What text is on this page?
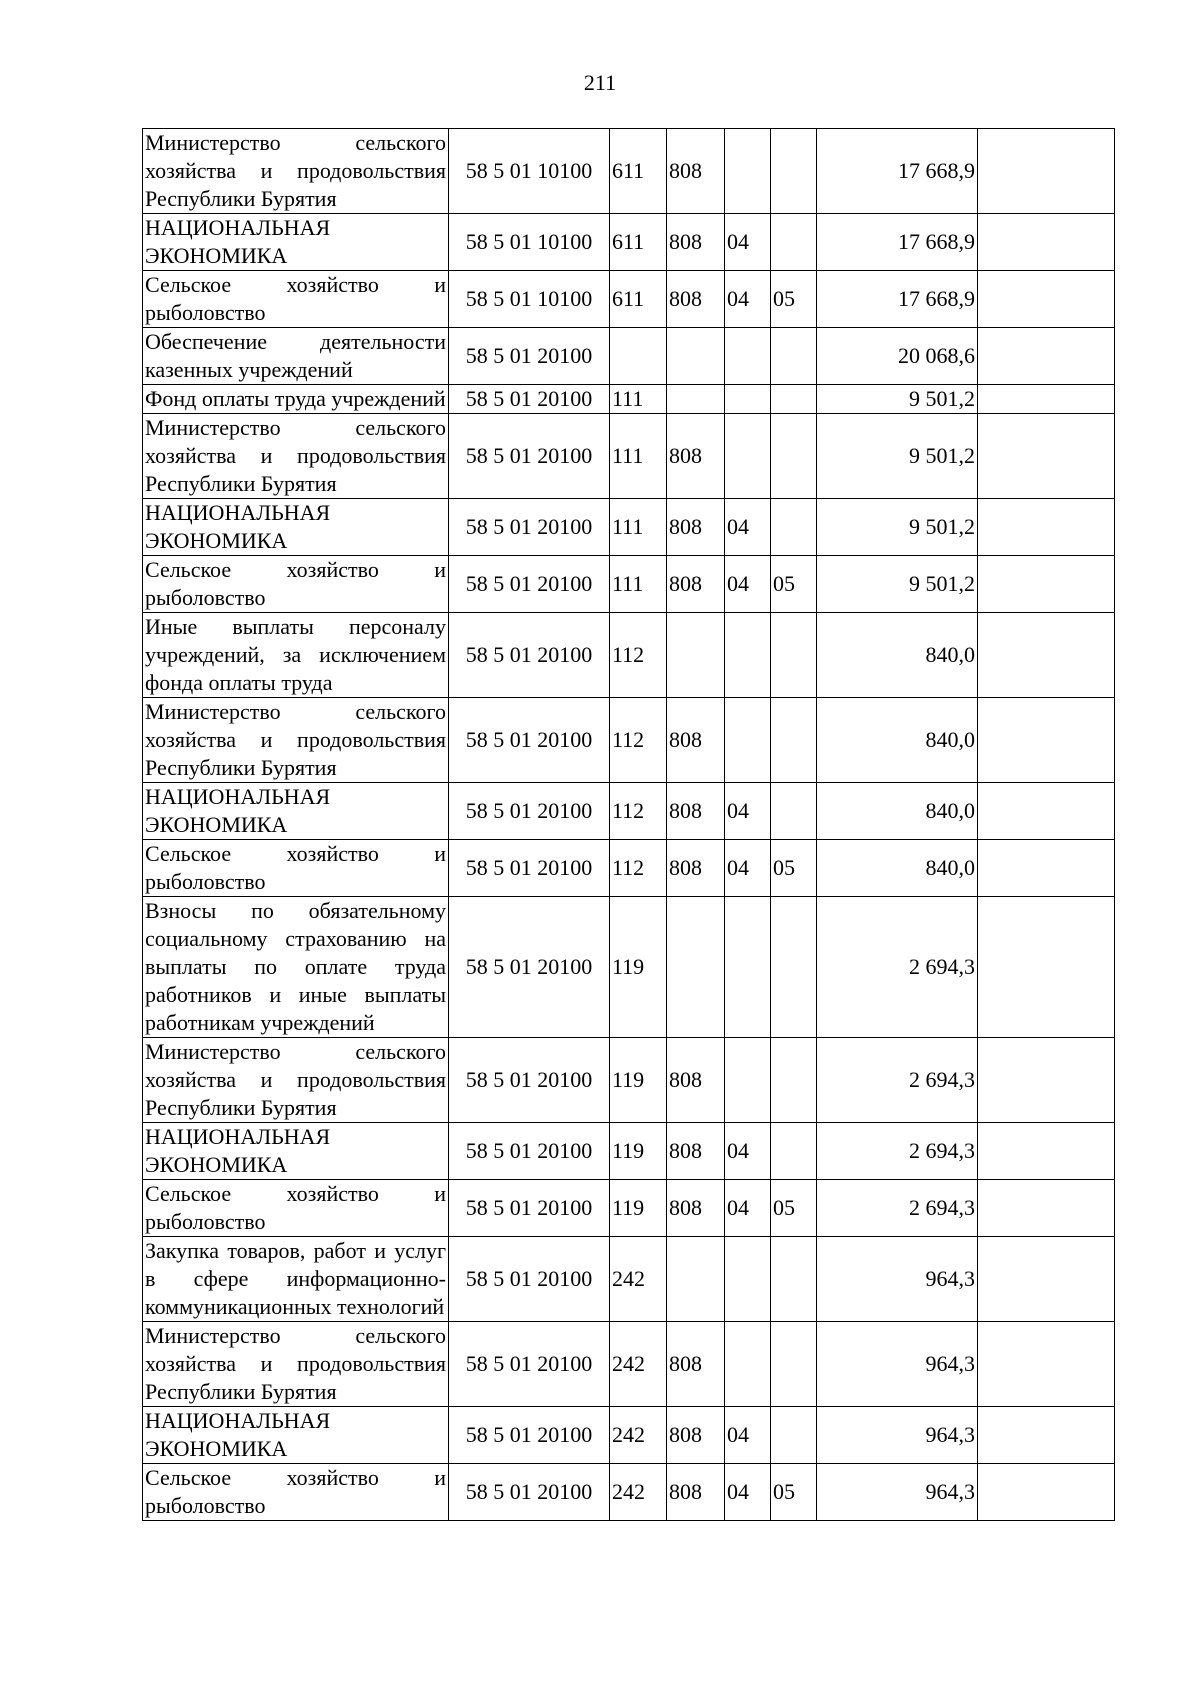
211
Министерство сельского хозяйства и продовольствия Республики Бурятия	58 5 01 10100	611	808			17 668,9	
НАЦИОНАЛЬНАЯ ЭКОНОМИКА	58 5 01 10100	611	808	04		17 668,9	
Сельское хозяйство и рыболовство	58 5 01 10100	611	808	04	05	17 668,9	
Обеспечение деятельности казенных учреждений	58 5 01 20100					20 068,6	
Фонд оплаты труда учреждений	58 5 01 20100	111				9 501,2	
Министерство сельского хозяйства и продовольствия Республики Бурятия	58 5 01 20100	111	808			9 501,2	
НАЦИОНАЛЬНАЯ ЭКОНОМИКА	58 5 01 20100	111	808	04		9 501,2	
Сельское хозяйство и рыболовство	58 5 01 20100	111	808	04	05	9 501,2	
Иные выплаты персоналу учреждений, за исключением фонда оплаты труда	58 5 01 20100	112				840,0	
Министерство сельского хозяйства и продовольствия Республики Бурятия	58 5 01 20100	112	808			840,0	
НАЦИОНАЛЬНАЯ ЭКОНОМИКА	58 5 01 20100	112	808	04		840,0	
Сельское хозяйство и рыболовство	58 5 01 20100	112	808	04	05	840,0	
Взносы по обязательному социальному страхованию на выплаты по оплате труда работников и иные выплаты работникам учреждений	58 5 01 20100	119				2 694,3	
Министерство сельского хозяйства и продовольствия Республики Бурятия	58 5 01 20100	119	808			2 694,3	
НАЦИОНАЛЬНАЯ ЭКОНОМИКА	58 5 01 20100	119	808	04		2 694,3	
Сельское хозяйство и рыболовство	58 5 01 20100	119	808	04	05	2 694,3	
Закупка товаров, работ и услуг в сфере информационно-коммуникационных технологий	58 5 01 20100	242				964,3	
Министерство сельского хозяйства и продовольствия Республики Бурятия	58 5 01 20100	242	808			964,3	
НАЦИОНАЛЬНАЯ ЭКОНОМИКА	58 5 01 20100	242	808	04		964,3	
Сельское хозяйство и рыболовство	58 5 01 20100	242	808	04	05	964,3	
